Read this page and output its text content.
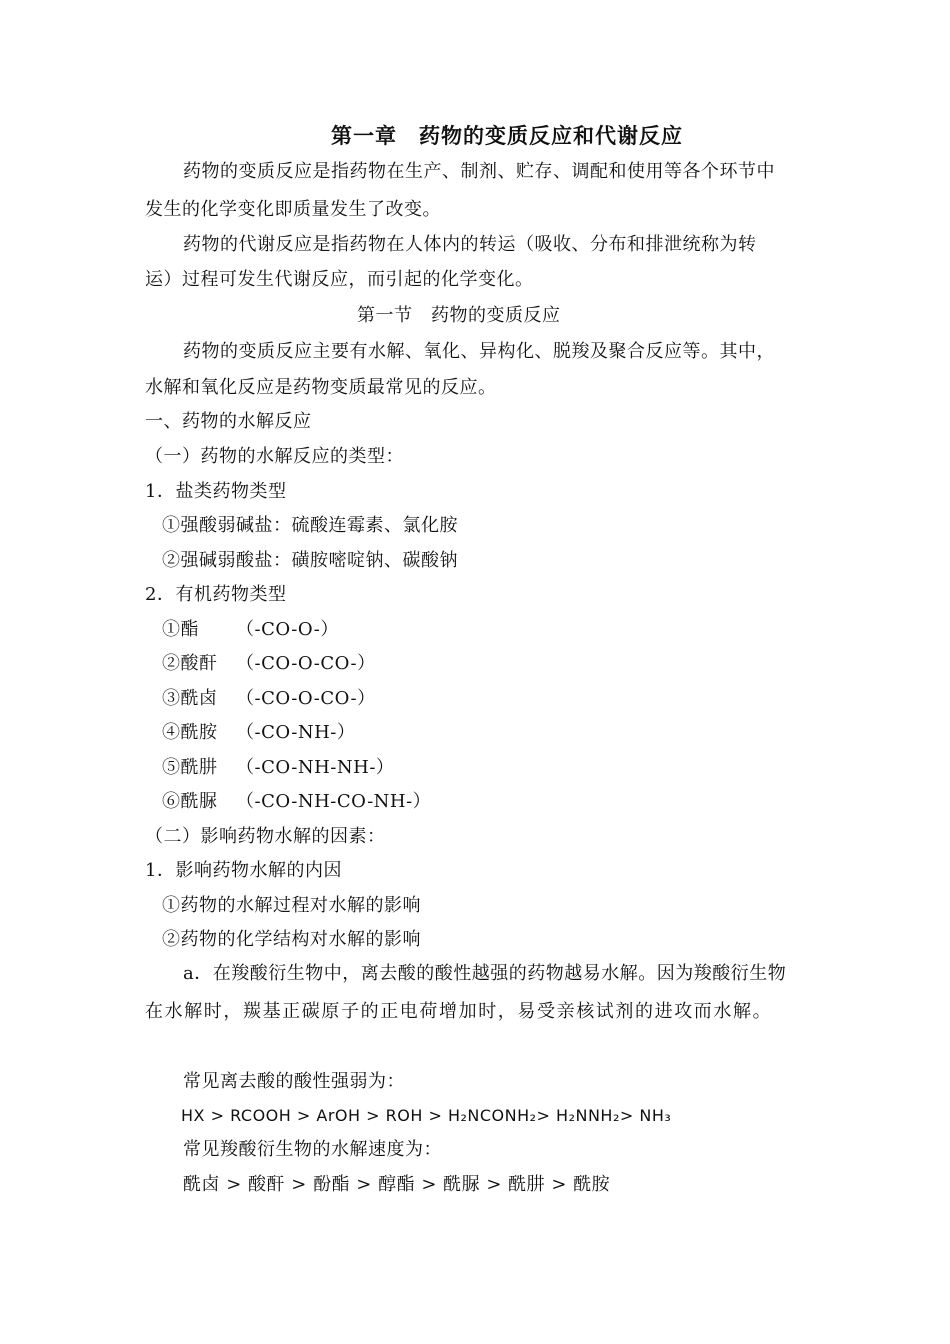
第一章　药物的变质反应和代谢反应
药物的变质反应是指药物在生产、制剂、贮存、调配和使用等各个环节中
发生的化学变化即质量发生了改变。
药物的代谢反应是指药物在人体内的转运（吸收、分布和排泄统称为转
运）过程可发生代谢反应，而引起的化学变化。
第一节　药物的变质反应
药物的变质反应主要有水解、氧化、异构化、脱羧及聚合反应等。其中，
水解和氧化反应是药物变质最常见的反应。
一、药物的水解反应
（一）药物的水解反应的类型：
1．盐类药物类型
①强酸弱碱盐：硫酸连霉素、氯化胺
②强碱弱酸盐：磺胺嘧啶钠、碳酸钠
2．有机药物类型
①酯 （-CO-O-）
②酸酐 （-CO-O-CO-）
③酰卤 （-CO-O-CO-）
④酰胺 （-CO-NH-）
⑤酰肼 （-CO-NH-NH-）
⑥酰脲 （-CO-NH-CO-NH-）
（二）影响药物水解的因素：
1．影响药物水解的内因
①药物的水解过程对水解的影响
②药物的化学结构对水解的影响
a．在羧酸衍生物中，离去酸的酸性越强的药物越易水解。因为羧酸衍生物
在水解时，羰基正碳原子的正电荷增加时，易受亲核试剂的进攻而水解。
常见离去酸的酸性强弱为：
HX > RCOOH > ArOH > ROH > H₂NCONH₂> H₂NNH₂> NH₃
常见羧酸衍生物的水解速度为：
酰卤 > 酸酐 > 酚酯 > 醇酯 > 酰脲 > 酰肼 > 酰胺
